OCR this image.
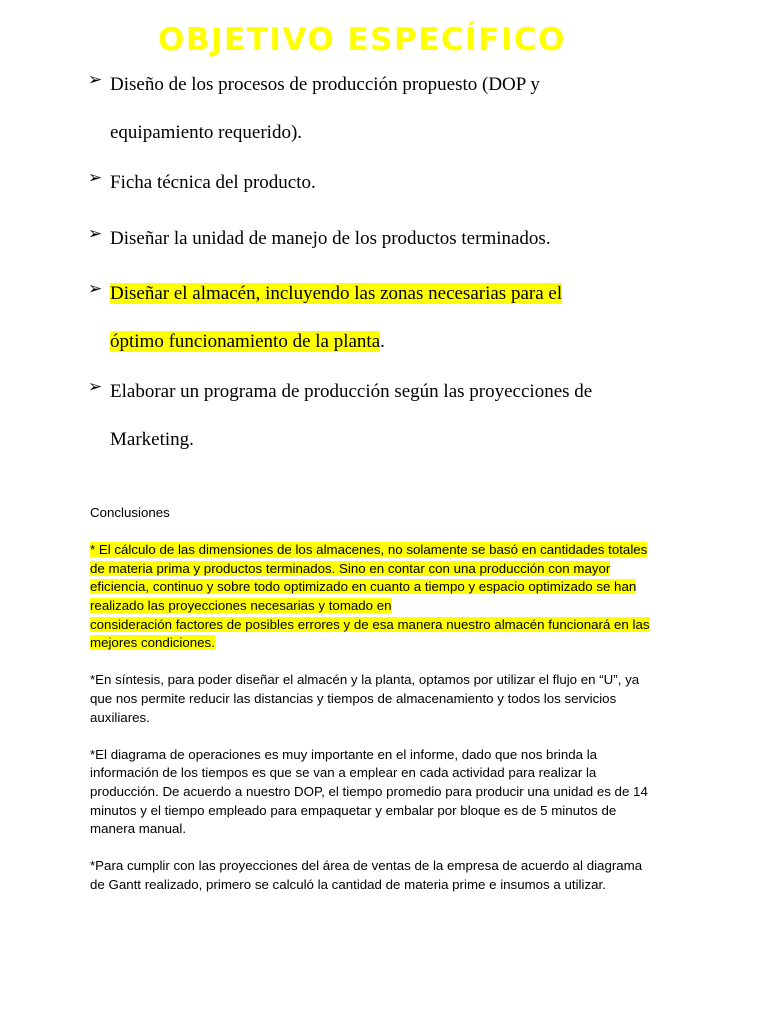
OBJETIVO ESPECÍFICO
➢ Diseño de los procesos de producción propuesto (DOP y
equipamiento requerido).
➢ Ficha técnica del producto.
➢ Diseñar la unidad de manejo de los productos terminados.
➢ Diseñar el almacén, incluyendo las zonas necesarias para el
óptimo funcionamiento de la planta.
➢ Elaborar un programa de producción según las proyecciones de
Marketing.

Conclusiones

* El cálculo de las dimensiones de los almacenes, no solamente se basó en cantidades totales
de materia prima y productos terminados. Sino en contar con una producción con mayor
eficiencia, continuo y sobre todo optimizado en cuanto a tiempo y espacio optimizado se han
realizado las proyecciones necesarias y tomado en
consideración factores de posibles errores y de esa manera nuestro almacén funcionará en las
mejores condiciones.

*En síntesis, para poder diseñar el almacén y la planta, optamos por utilizar el flujo en “U”, ya
que nos permite reducir las distancias y tiempos de almacenamiento y todos los servicios
auxiliares.

*El diagrama de operaciones es muy importante en el informe, dado que nos brinda la
información de los tiempos es que se van a emplear en cada actividad para realizar la
producción. De acuerdo a nuestro DOP, el tiempo promedio para producir una unidad es de 14
minutos y el tiempo empleado para empaquetar y embalar por bloque es de 5 minutos de
manera manual.

*Para cumplir con las proyecciones del área de ventas de la empresa de acuerdo al diagrama
de Gantt realizado, primero se calculó la cantidad de materia prime e insumos a utilizar.
